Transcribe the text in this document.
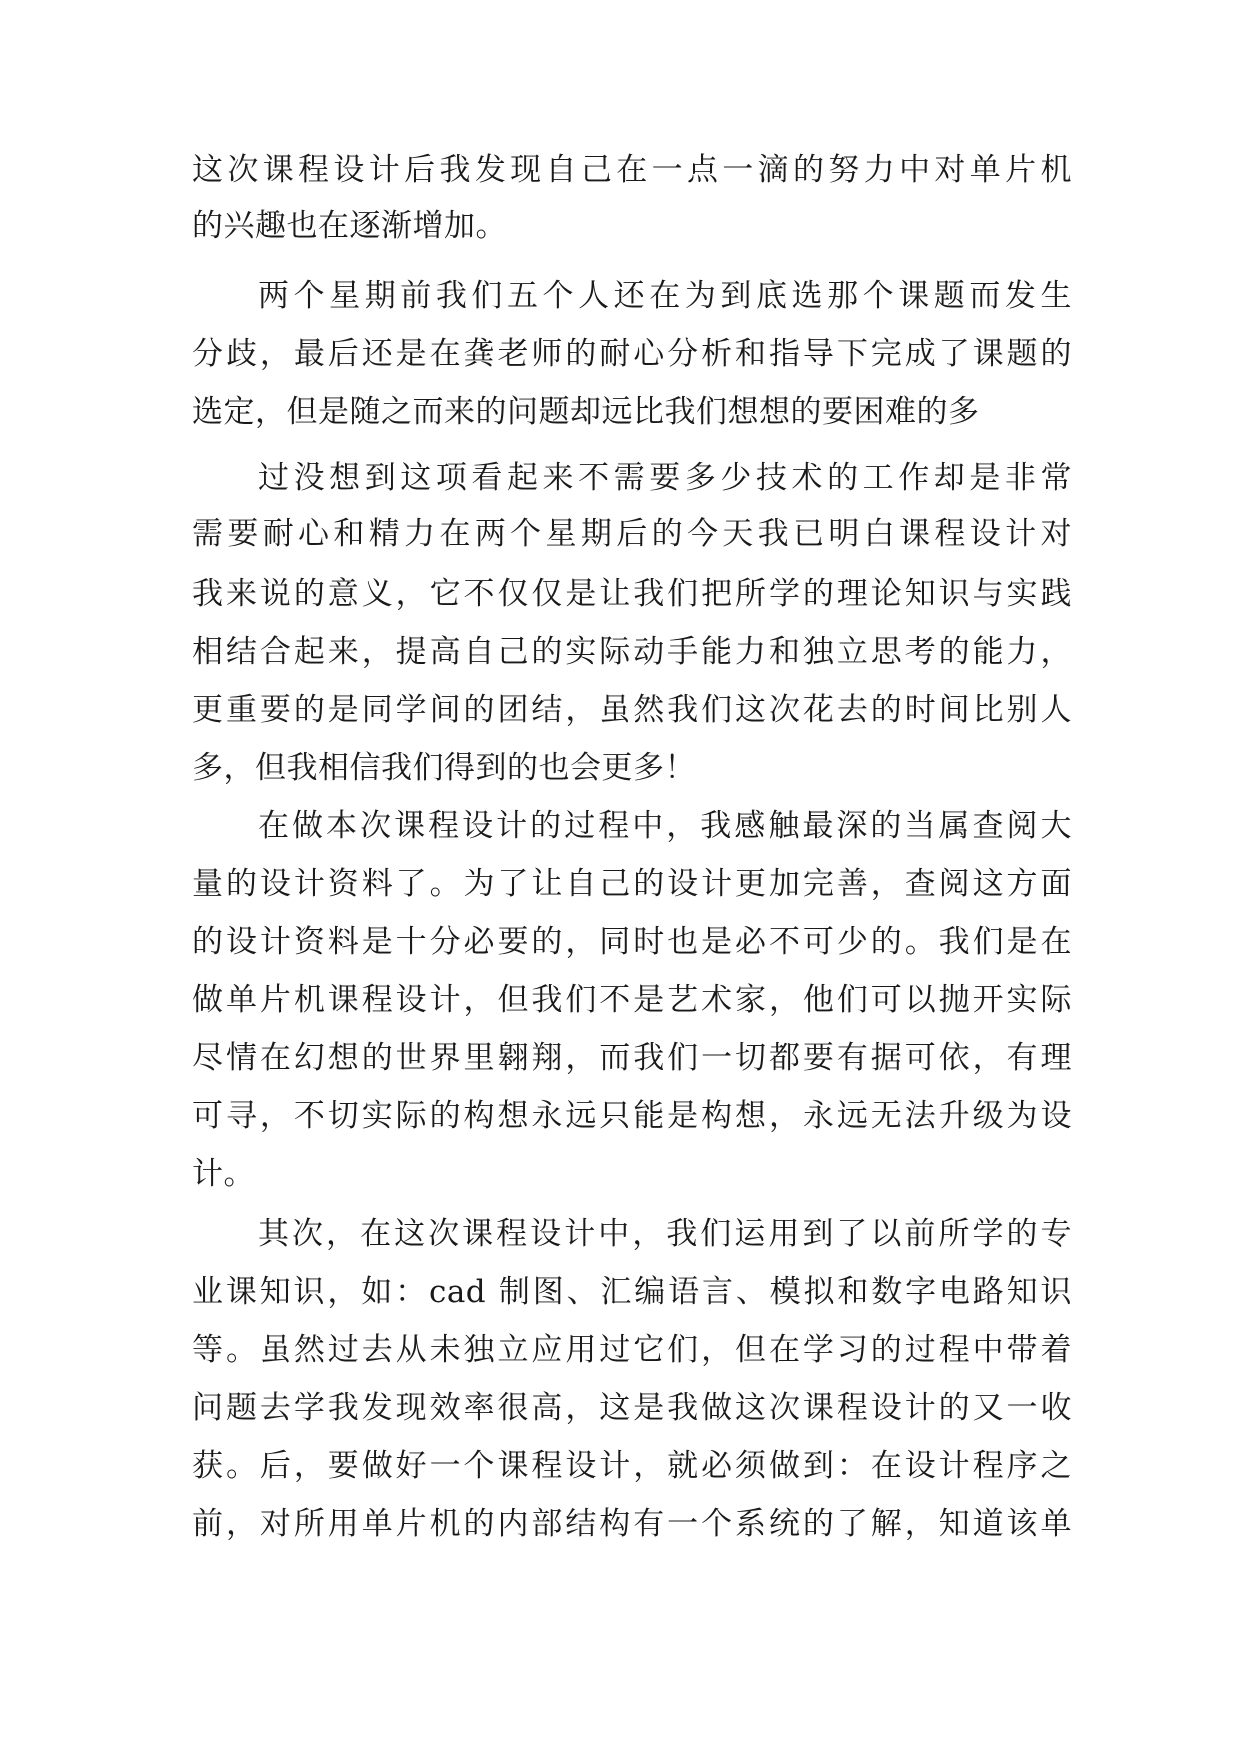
这次课程设计后我发现自己在一点一滴的努力中对单片机
的兴趣也在逐渐增加。
两个星期前我们五个人还在为到底选那个课题而发生
分歧，最后还是在龚老师的耐心分析和指导下完成了课题的
选定，但是随之而来的问题却远比我们想想的要困难的多
过没想到这项看起来不需要多少技术的工作却是非常
需要耐心和精力在两个星期后的今天我已明白课程设计对
我来说的意义，它不仅仅是让我们把所学的理论知识与实践
相结合起来，提高自己的实际动手能力和独立思考的能力，
更重要的是同学间的团结，虽然我们这次花去的时间比别人
多，但我相信我们得到的也会更多！
在做本次课程设计的过程中，我感触最深的当属查阅大
量的设计资料了。为了让自己的设计更加完善，查阅这方面
的设计资料是十分必要的，同时也是必不可少的。我们是在
做单片机课程设计，但我们不是艺术家，他们可以抛开实际
尽情在幻想的世界里翱翔，而我们一切都要有据可依，有理
可寻，不切实际的构想永远只能是构想，永远无法升级为设
计。
其次，在这次课程设计中，我们运用到了以前所学的专
业课知识，如：cad 制图、汇编语言、模拟和数字电路知识
等。虽然过去从未独立应用过它们，但在学习的过程中带着
问题去学我发现效率很高，这是我做这次课程设计的又一收
获。后，要做好一个课程设计，就必须做到：在设计程序之
前，对所用单片机的内部结构有一个系统的了解，知道该单
